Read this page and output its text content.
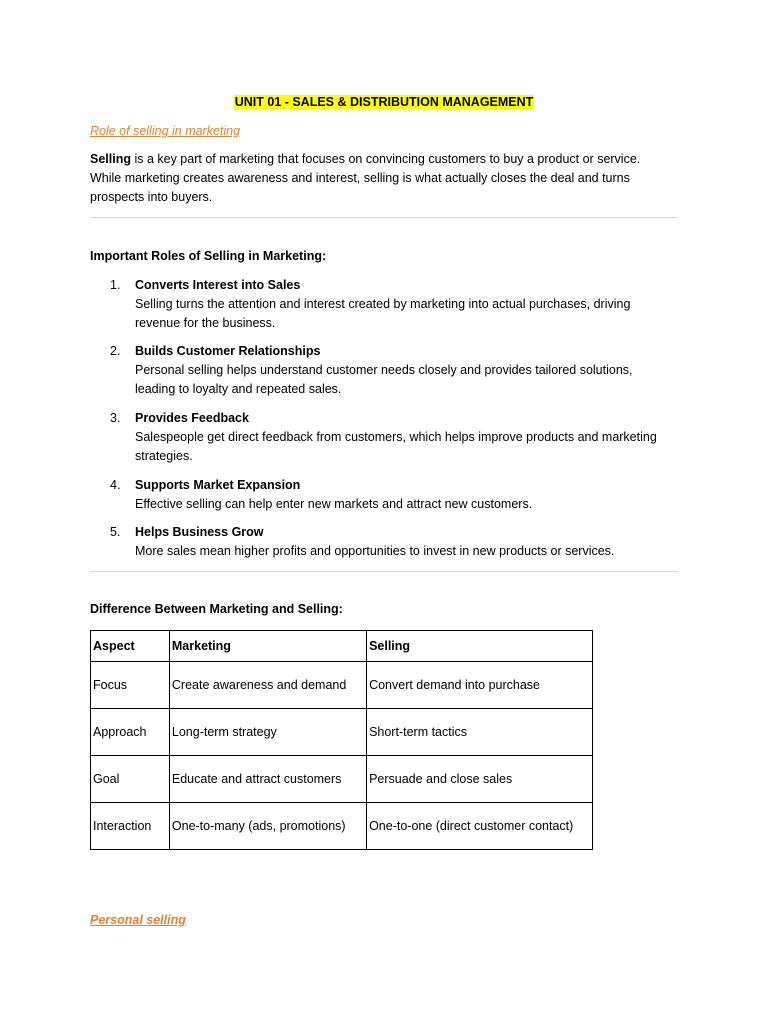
UNIT 01 - SALES & DISTRIBUTION MANAGEMENT
Role of selling in marketing
Selling is a key part of marketing that focuses on convincing customers to buy a product or service.
While marketing creates awareness and interest, selling is what actually closes the deal and turns
prospects into buyers.
Important Roles of Selling in Marketing:
1. Converts Interest into Sales
Selling turns the attention and interest created by marketing into actual purchases, driving
revenue for the business.
2. Builds Customer Relationships
Personal selling helps understand customer needs closely and provides tailored solutions,
leading to loyalty and repeated sales.
3. Provides Feedback
Salespeople get direct feedback from customers, which helps improve products and marketing
strategies.
4. Supports Market Expansion
Effective selling can help enter new markets and attract new customers.
5. Helps Business Grow
More sales mean higher profits and opportunities to invest in new products or services.
Difference Between Marketing and Selling:
Aspect	Marketing	Selling
Focus	Create awareness and demand	Convert demand into purchase
Approach	Long-term strategy	Short-term tactics
Goal	Educate and attract customers	Persuade and close sales
Interaction	One-to-many (ads, promotions)	One-to-one (direct customer contact)
Personal selling
